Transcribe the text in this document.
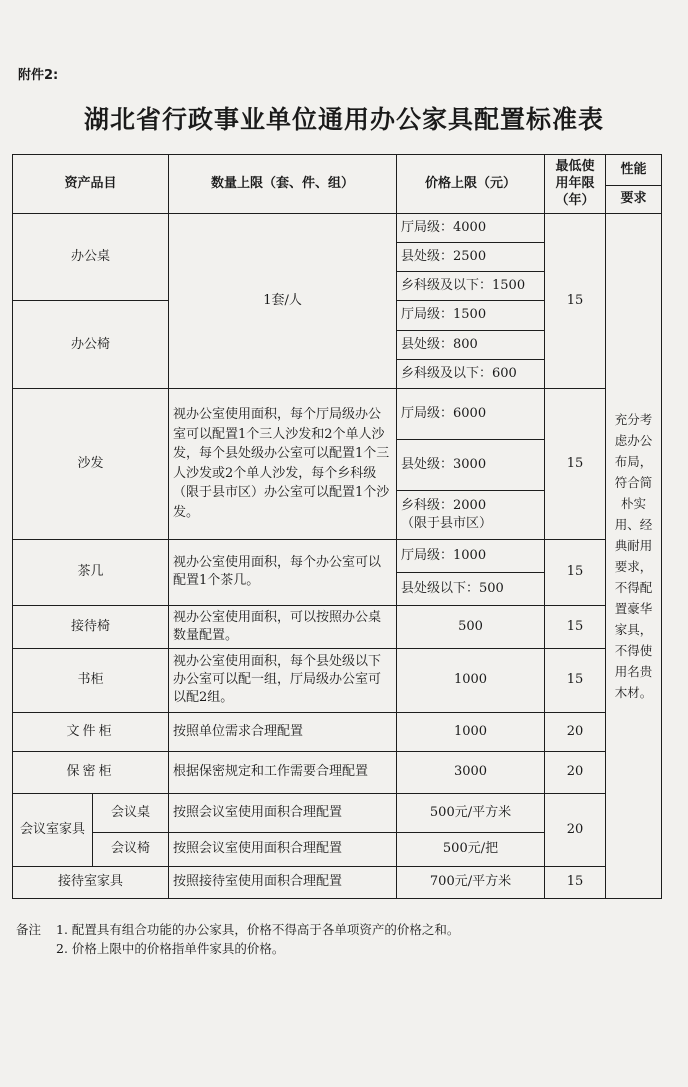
附件2:
湖北省行政事业单位通用办公家具配置标准表
资产品目		数量上限（套、件、组）	价格上限（元）	最低使
用年限
（年）	性能
					要求
办公桌		1套/人	厅局级：4000	15	充分考虑办公布局，符合简朴实用、经典耐用要求，不得配置豪华家具，不得使用名贵木材。
			县处级：2500		
			乡科级及以下：1500		
办公椅			厅局级：1500		
			县处级：800		
			乡科级及以下：600		
沙发		视办公室使用面积，每个厅局级办公室可以配置1个三人沙发和2个单人沙发，每个县处级办公室可以配置1个三人沙发或2个单人沙发，每个乡科级（限于县市区）办公室可以配置1个沙发。	厅局级：6000	15	
			县处级：3000		
			乡科级：2000
（限于县市区）		
茶几		视办公室使用面积，每个办公室可以配置1个茶几。	厅局级：1000	15	
			县处级以下：500		
接待椅		视办公室使用面积，可以按照办公桌数量配置。	500	15	
书柜		视办公室使用面积，每个县处级以下办公室可以配一组，厅局级办公室可以配2组。	1000	15	
文件柜		按照单位需求合理配置	1000	20	
保密柜		根据保密规定和工作需要合理配置	3000	20	
会议室家具	会议桌	按照会议室使用面积合理配置	500元/平方米	20	
	会议椅	按照会议室使用面积合理配置	500元/把		
接待室家具		按照接待室使用面积合理配置	700元/平方米	15	
备注 1. 配置具有组合功能的办公家具，价格不得高于各单项资产的价格之和。
2. 价格上限中的价格指单件家具的价格。
